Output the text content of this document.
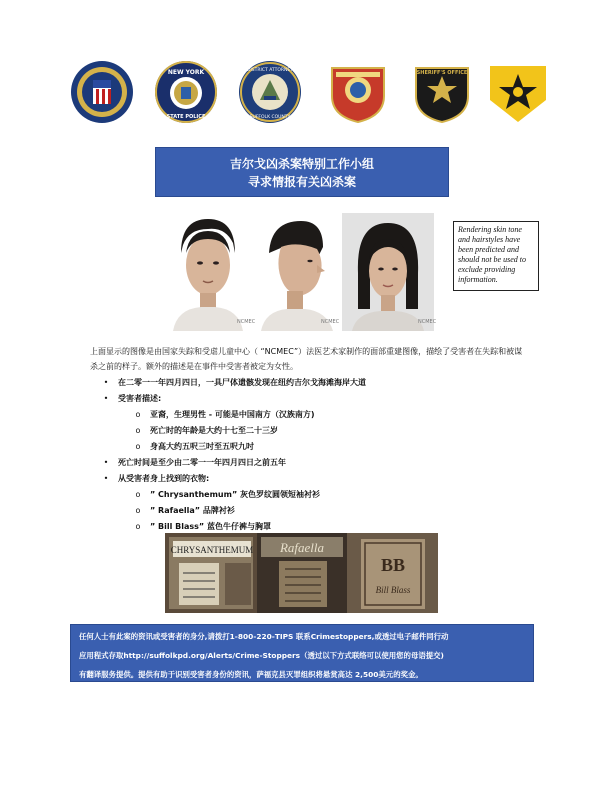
NEW YORK
STATE POLICE
DISTRICT ATTORNEY
SUFFOLK COUNTY
SHERIFF'S OFFICE
吉尔戈凶杀案特别工作小组
寻求情报有关凶杀案
NCMEC	NCMEC	NCMEC
Rendering skin tone and hairstyles have been predicted and should not be used to exclude providing information.
上面显示的图像是由国家失踪和受虐儿童中心（ “NCMEC”）法医艺术家制作的面部重建图像，描绘了受害者在失踪和被谋杀之前的样子。额外的描述是在事件中受害者被定为女性。
•	在二零一一年四月四日，一具尸体遗骸发现在纽约吉尔戈海滩海岸大道
•	受害者描述:
o	亚裔，生理男性 - 可能是中国南方（汉族南方)
o	死亡时的年龄是大约十七至二十三岁
o	身高大约五呎三吋至五呎九吋
•	死亡时间是至少由二零一一年四月四日之前五年
•	从受害者身上找到的衣物:
o	” Chrysanthemum” 灰色罗纹圆领短袖衬衫
o	” Rafaella” 品牌衬衫
o	” Bill Blass” 蓝色牛仔裤与胸罩
CHRYSANTHEMUM Rafaella
BB
Bill Blass
任何人士有此案的资讯或受害者的身分,请拨打1-800-220-TIPS 联系Crimestoppers,或透过电子邮件同行动
应用程式存取http://suffolkpd.org/Alerts/Crime-Stoppers（透过以下方式联络可以使用您的母语提交)
有翻译服务提供。提供有助于识别受害者身份的资讯，萨福克县灭罪组织将悬赏高达 2,500美元的奖金。
